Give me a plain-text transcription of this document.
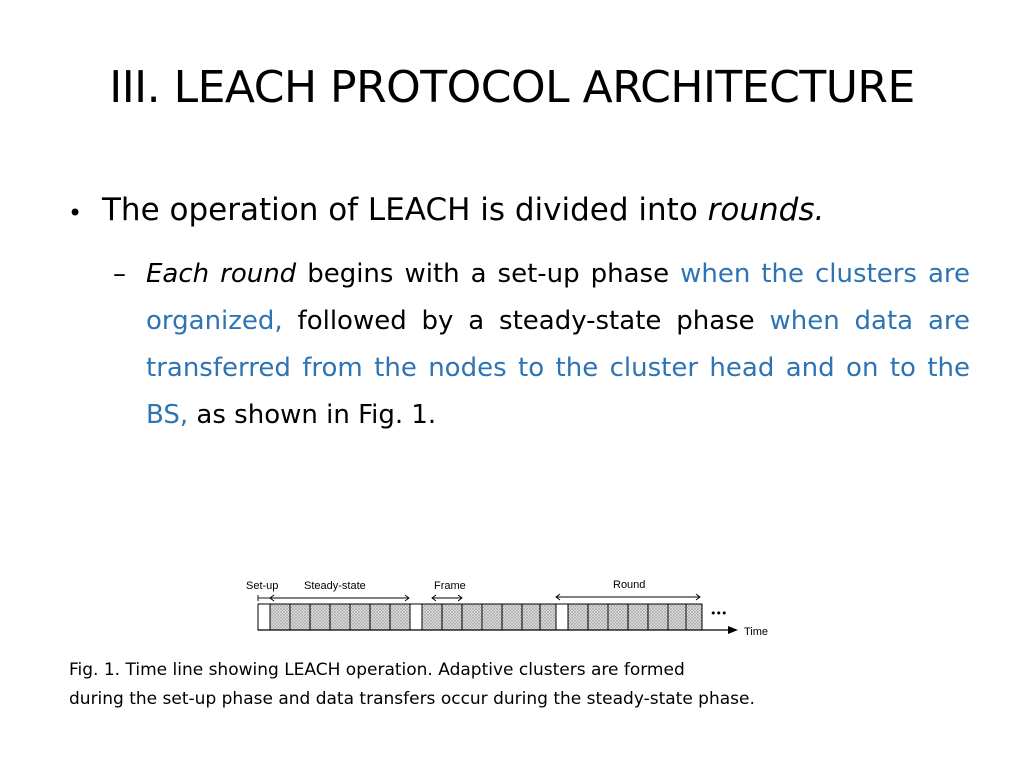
III. LEACH PROTOCOL ARCHITECTURE
• The operation of LEACH is divided into rounds.
– Each round begins with a set-up phase when the clusters are organized, followed by a steady-state phase when data are transferred from the nodes to the cluster head and on to the BS, as shown in Fig. 1.
Set-up Steady-state	Frame	Round
•••
Time
Fig. 1. Time line showing LEACH operation. Adaptive clusters are formed
during the set-up phase and data transfers occur during the steady-state phase.
